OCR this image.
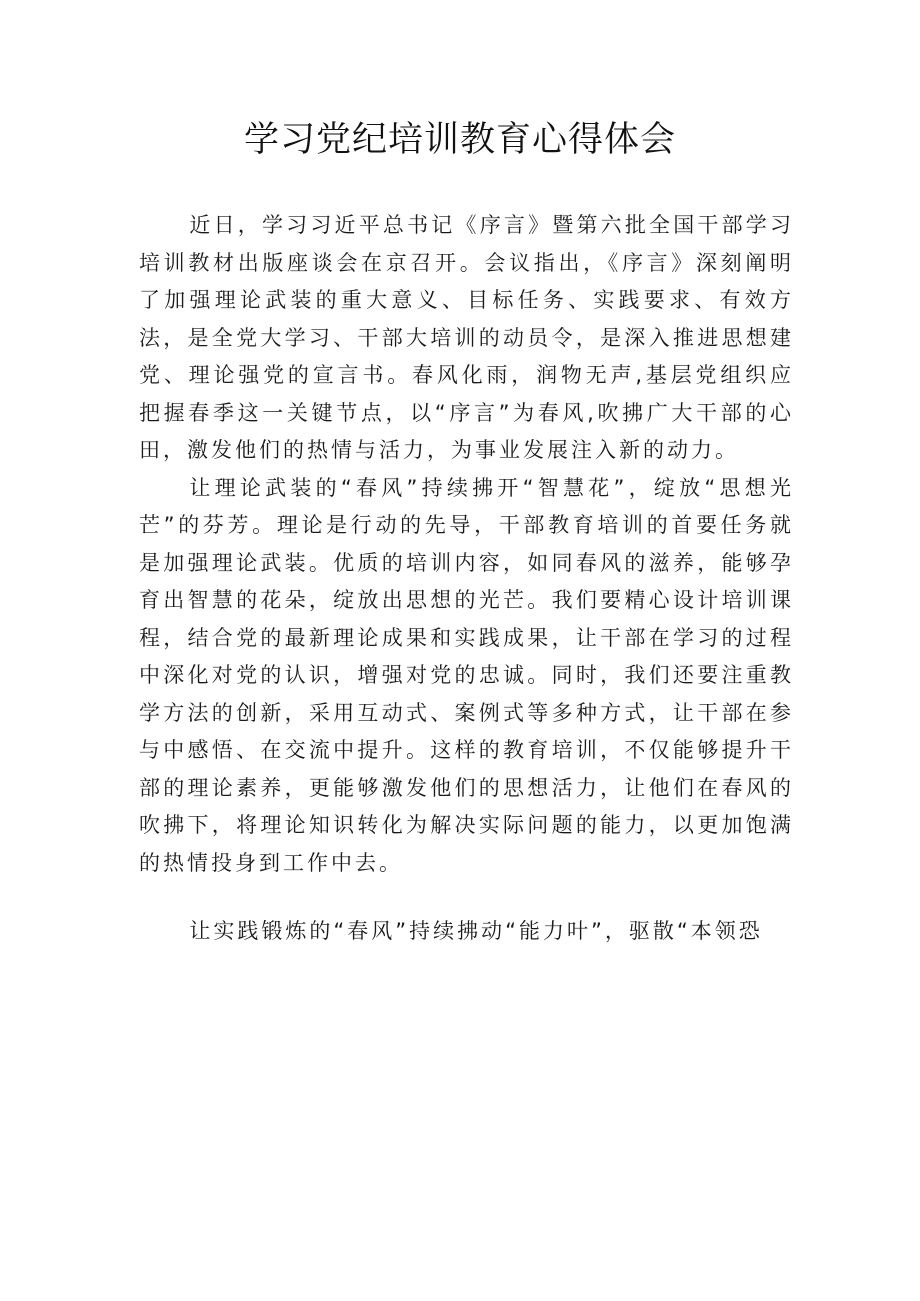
学习党纪培训教育心得体会

近日，学习习近平总书记《序言》暨第六批全国干部学习培训教材出版座谈会在京召开。会议指出，《序言》深刻阐明了加强理论武装的重大意义、目标任务、实践要求、有效方法，是全党大学习、干部大培训的动员令，是深入推进思想建党、理论强党的宣言书。春风化雨，润物无声,基层党组织应把握春季这一关键节点，以“序言”为春风,吹拂广大干部的心田，激发他们的热情与活力，为事业发展注入新的动力。

让理论武装的“春风”持续拂开“智慧花”，绽放“思想光芒”的芬芳。理论是行动的先导，干部教育培训的首要任务就是加强理论武装。优质的培训内容，如同春风的滋养，能够孕育出智慧的花朵，绽放出思想的光芒。我们要精心设计培训课程，结合党的最新理论成果和实践成果，让干部在学习的过程中深化对党的认识，增强对党的忠诚。同时，我们还要注重教学方法的创新，采用互动式、案例式等多种方式，让干部在参与中感悟、在交流中提升。这样的教育培训，不仅能够提升干部的理论素养，更能够激发他们的思想活力，让他们在春风的吹拂下，将理论知识转化为解决实际问题的能力，以更加饱满的热情投身到工作中去。

让实践锻炼的“春风”持续拂动“能力叶”，驱散“本领恐
